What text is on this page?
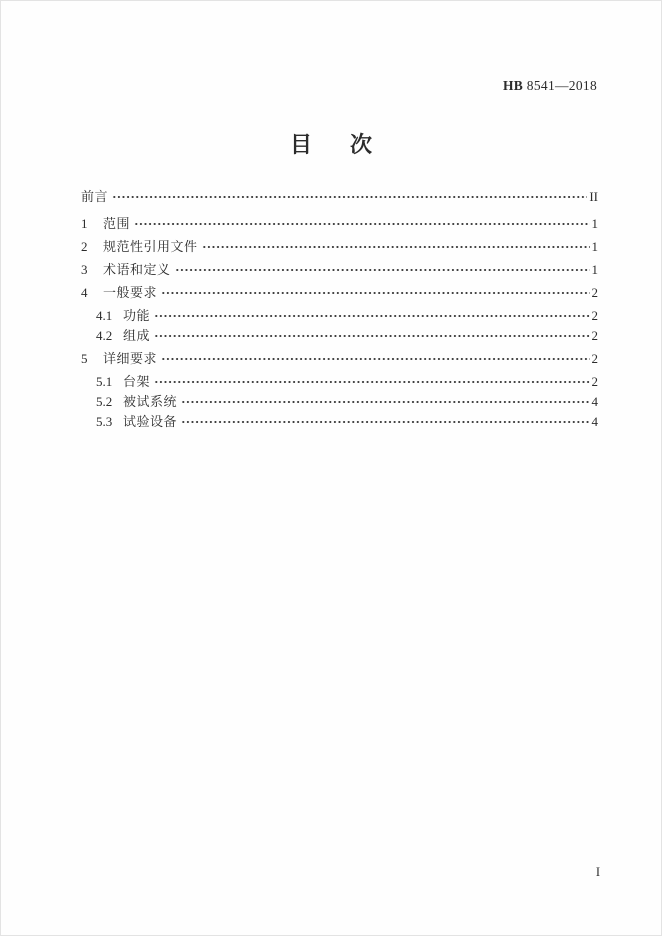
HB 8541—2018
目 次
前言	II
1	范围	1
2	规范性引用文件	1
3	术语和定义	1
4	一般要求	2
4.1 功能	2
4.2 组成	2
5	详细要求	2
5.1 台架	2
5.2 被试系统	4
5.3 试验设备	4
I
